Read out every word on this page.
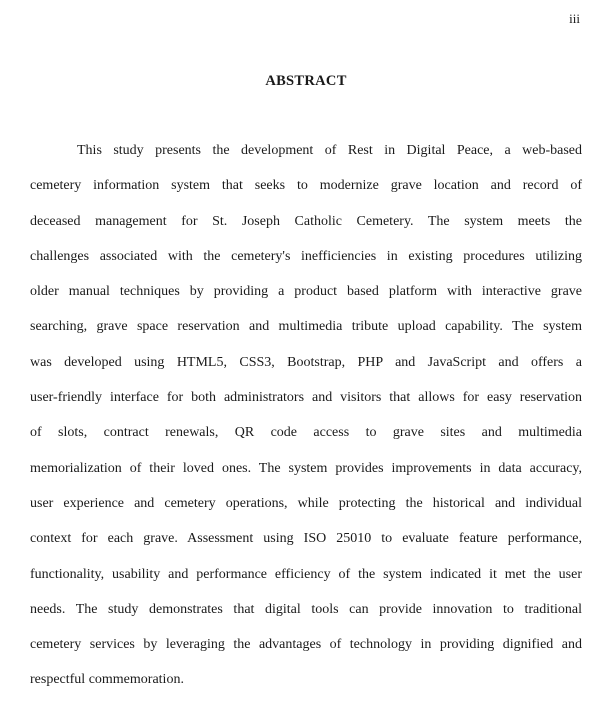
iii
ABSTRACT
This study presents the development of Rest in Digital Peace, a web-based
cemetery information system that seeks to modernize grave location and record of
deceased management for St. Joseph Catholic Cemetery. The system meets the
challenges associated with the cemetery's inefficiencies in existing procedures utilizing
older manual techniques by providing a product based platform with interactive grave
searching, grave space reservation and multimedia tribute upload capability. The system
was developed using HTML5, CSS3, Bootstrap, PHP and JavaScript and offers a
user-friendly interface for both administrators and visitors that allows for easy reservation
of slots, contract renewals, QR code access to grave sites and multimedia
memorialization of their loved ones. The system provides improvements in data accuracy,
user experience and cemetery operations, while protecting the historical and individual
context for each grave. Assessment using ISO 25010 to evaluate feature performance,
functionality, usability and performance efficiency of the system indicated it met the user
needs. The study demonstrates that digital tools can provide innovation to traditional
cemetery services by leveraging the advantages of technology in providing dignified and
respectful commemoration.
